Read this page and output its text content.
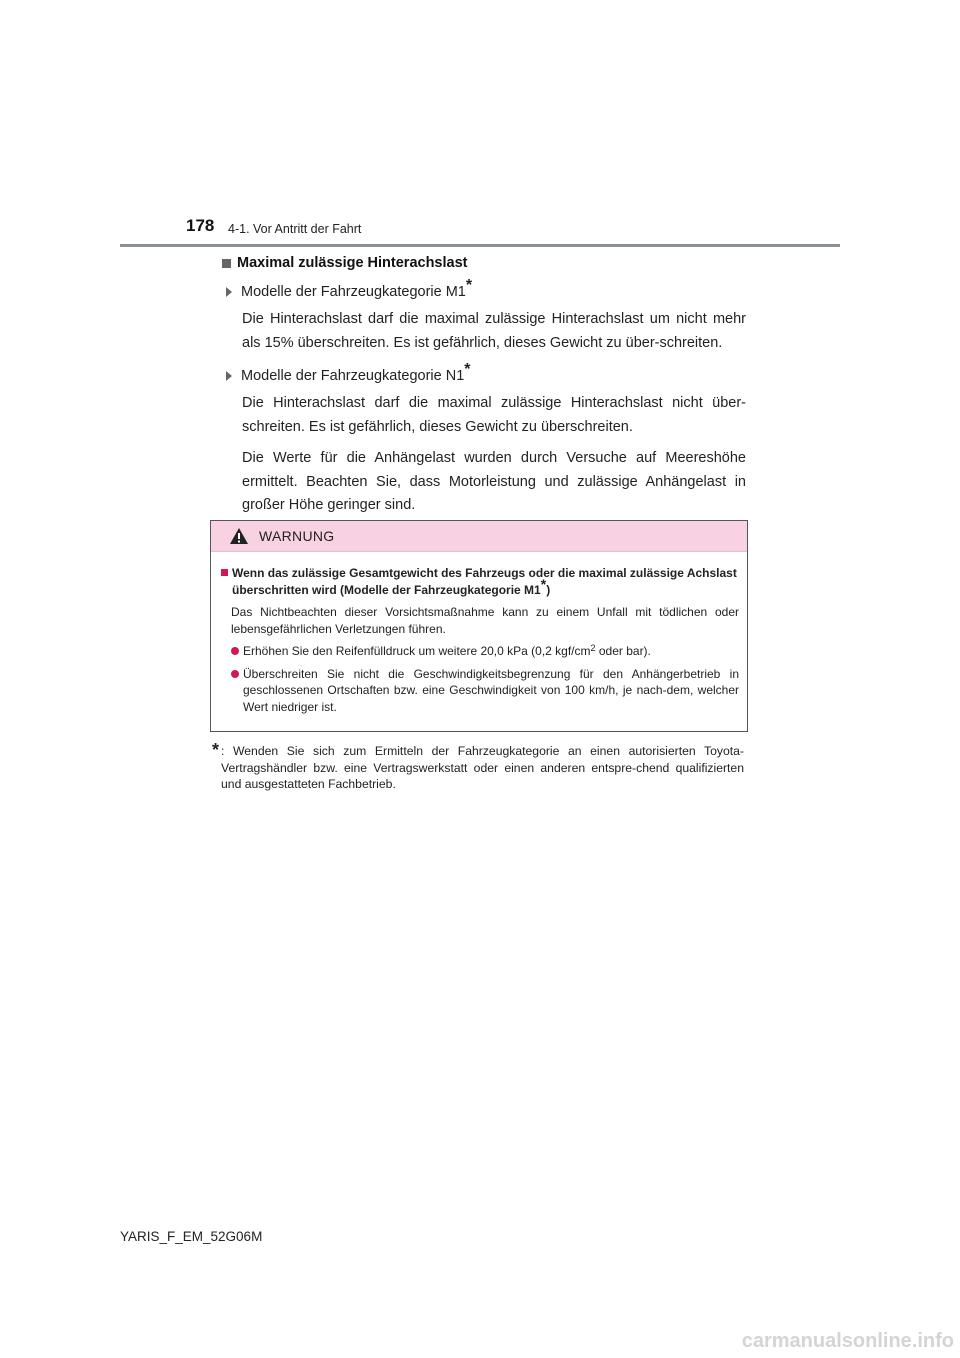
178 4-1. Vor Antritt der Fahrt
Maximal zulässige Hinterachslast
Modelle der Fahrzeugkategorie M1*

Die Hinterachslast darf die maximal zulässige Hinterachslast um nicht mehr als 15% überschreiten. Es ist gefährlich, dieses Gewicht zu über-schreiten.

Modelle der Fahrzeugkategorie N1*

Die Hinterachslast darf die maximal zulässige Hinterachslast nicht über-schreiten. Es ist gefährlich, dieses Gewicht zu überschreiten.

Die Werte für die Anhängelast wurden durch Versuche auf Meereshöhe ermittelt. Beachten Sie, dass Motorleistung und zulässige Anhängelast in großer Höhe geringer sind.

WARNUNG
Wenn das zulässige Gesamtgewicht des Fahrzeugs oder die maximal zulässige Achslast überschritten wird (Modelle der Fahrzeugkategorie M1*)
Das Nichtbeachten dieser Vorsichtsmaßnahme kann zu einem Unfall mit tödlichen oder lebensgefährlichen Verletzungen führen.
Erhöhen Sie den Reifenfülldruck um weitere 20,0 kPa (0,2 kgf/$cm^2$ oder bar).
Überschreiten Sie nicht die Geschwindigkeitsbegrenzung für den Anhängerbetrieb in geschlossenen Ortschaften bzw. eine Geschwindigkeit von 100 km/h, je nach-dem, welcher Wert niedriger ist.
* : Wenden Sie sich zum Ermitteln der Fahrzeugkategorie an einen autorisierten Toyota-Vertragshändler bzw. eine Vertragswerkstatt oder einen anderen entspre-chend qualifizierten und ausgestatteten Fachbetrieb.
YARIS_F_EM_52G06M
carmanualsonline.info
